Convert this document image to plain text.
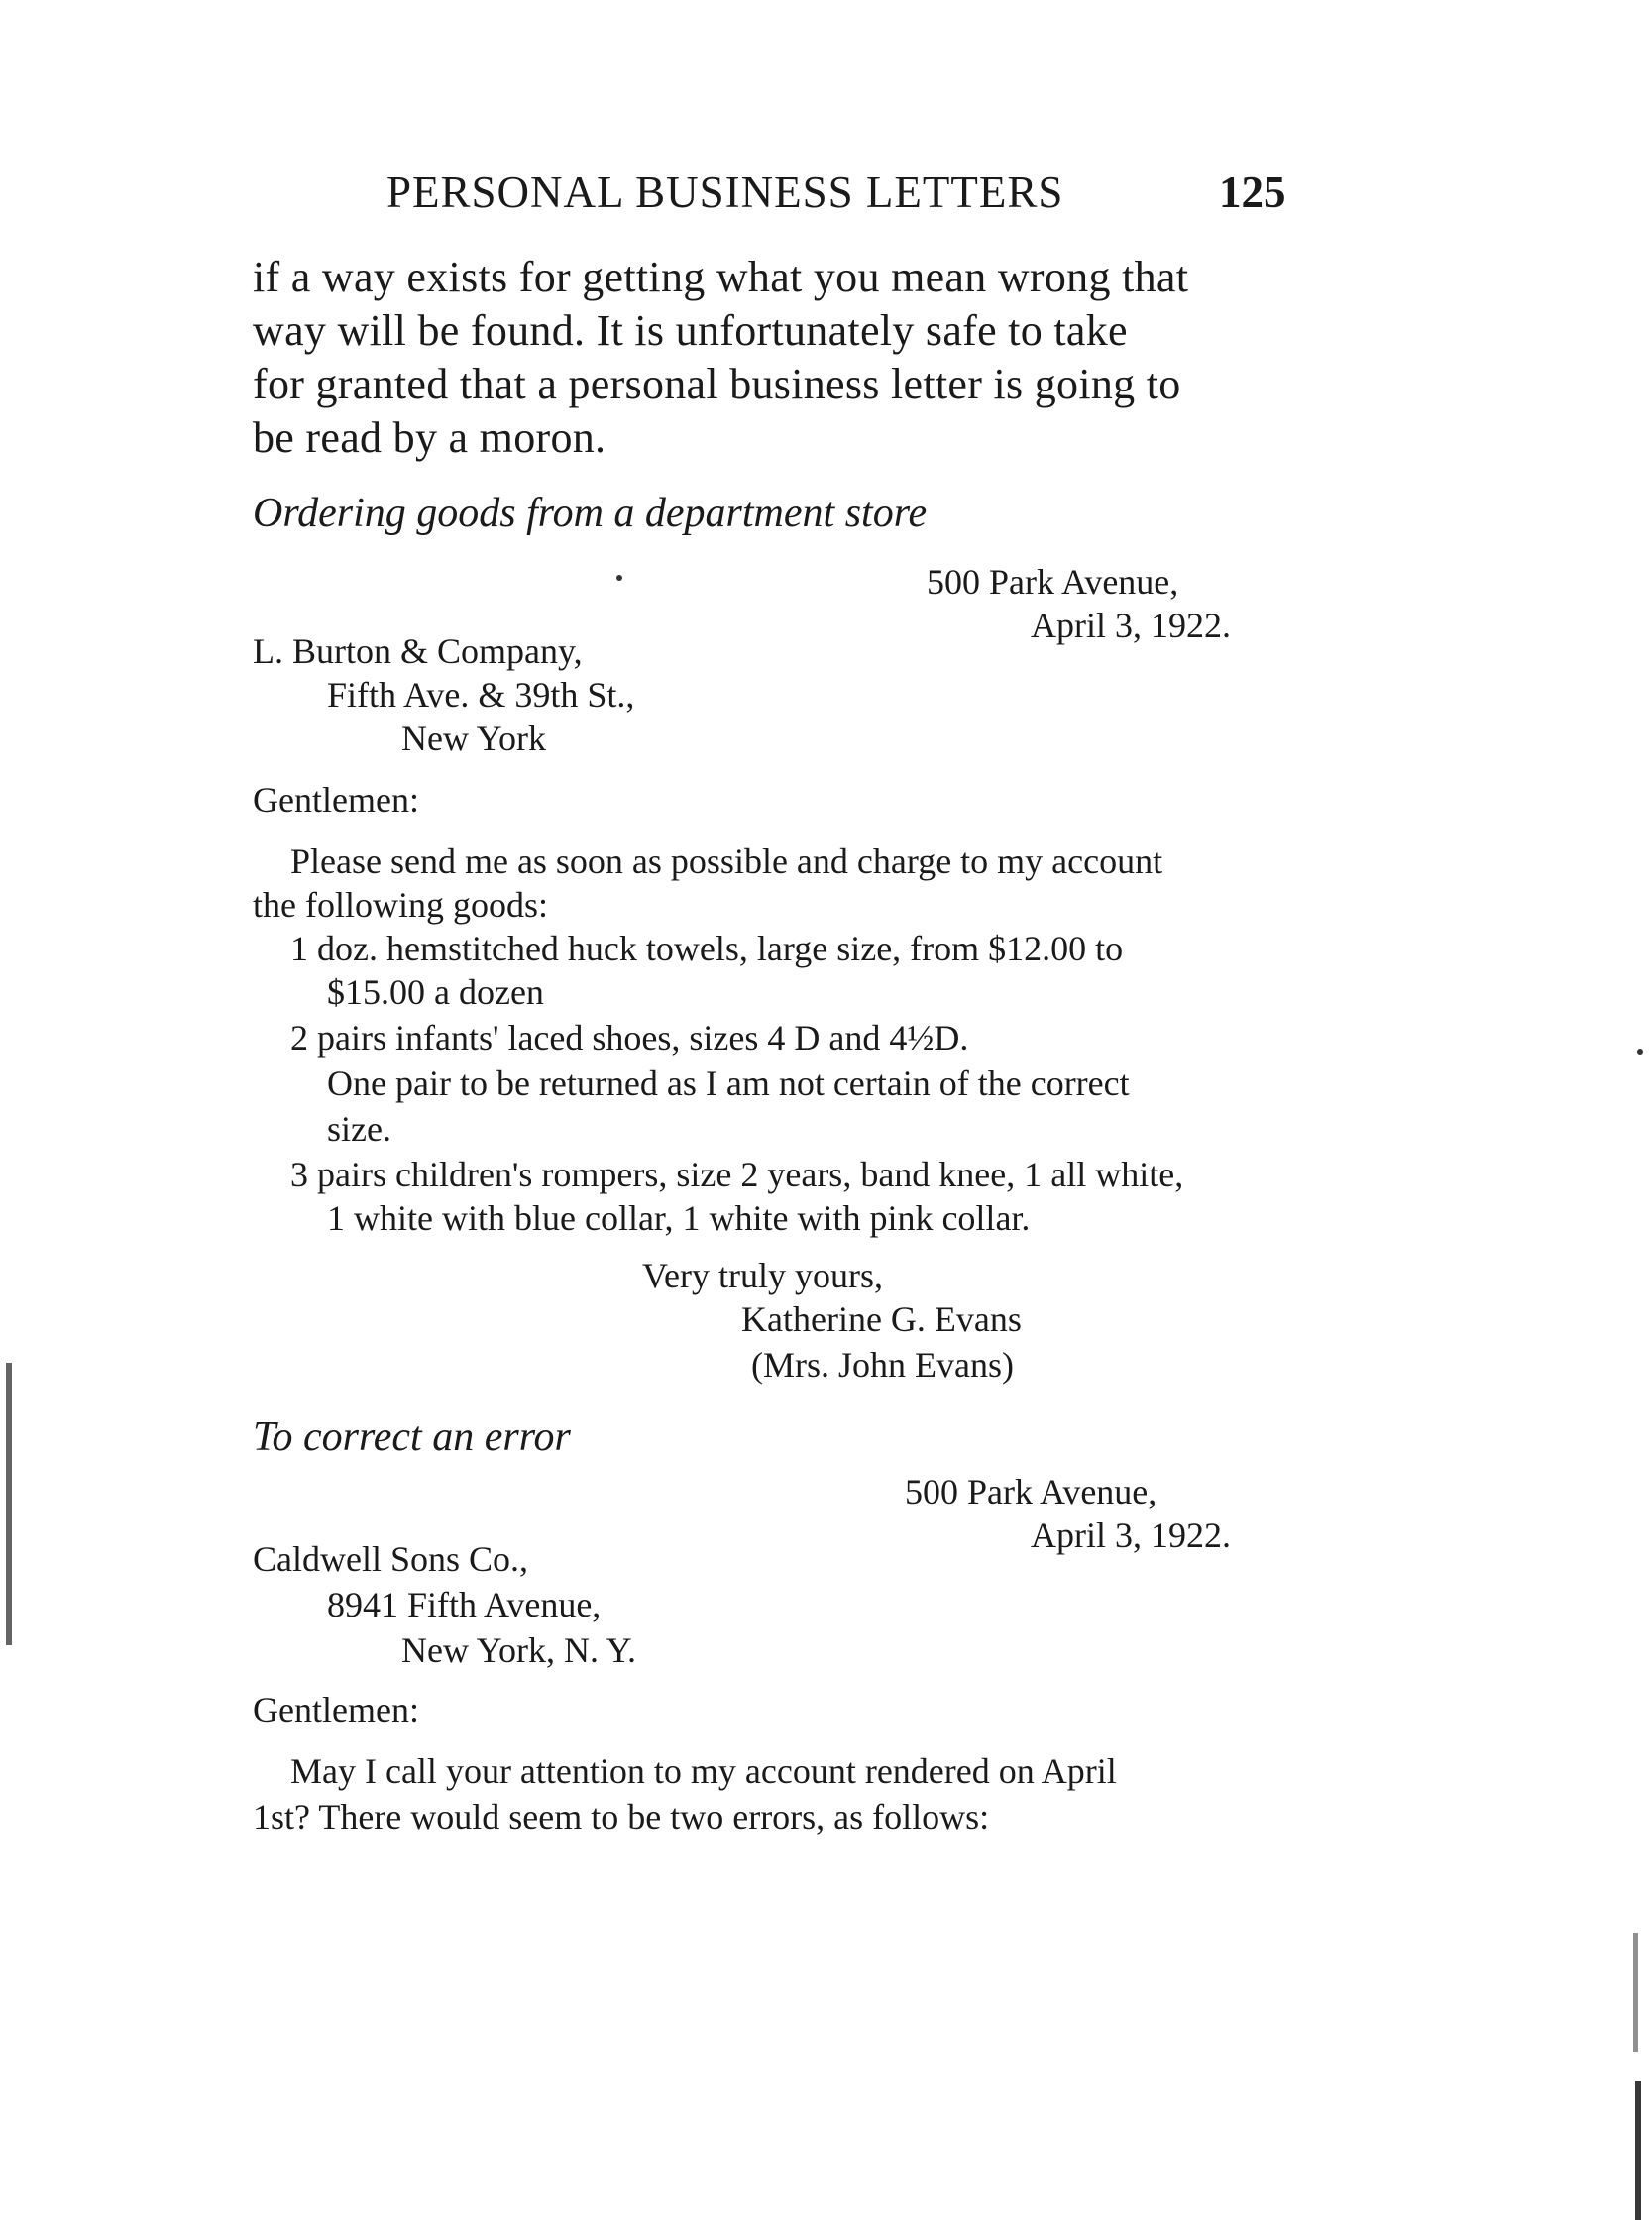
PERSONAL BUSINESS LETTERS	125
if a way exists for getting what you mean wrong that
way will be found. It is unfortunately safe to take
for granted that a personal business letter is going to
be read by a moron.
Ordering goods from a department store
500 Park Avenue,
April 3, 1922.
L. Burton & Company,
Fifth Ave. & 39th St.,
New York
Gentlemen:
Please send me as soon as possible and charge to my account
the following goods:
1 doz. hemstitched huck towels, large size, from $12.00 to
$15.00 a dozen
2 pairs infants' laced shoes, sizes 4 D and 4½D.
One pair to be returned as I am not certain of the correct
size.
3 pairs children's rompers, size 2 years, band knee, 1 all white,
1 white with blue collar, 1 white with pink collar.
Very truly yours,
Katherine G. Evans
(Mrs. John Evans)
To correct an error
500 Park Avenue,
April 3, 1922.
Caldwell Sons Co.,
8941 Fifth Avenue,
New York, N. Y.
Gentlemen:
May I call your attention to my account rendered on April
1st? There would seem to be two errors, as follows:
